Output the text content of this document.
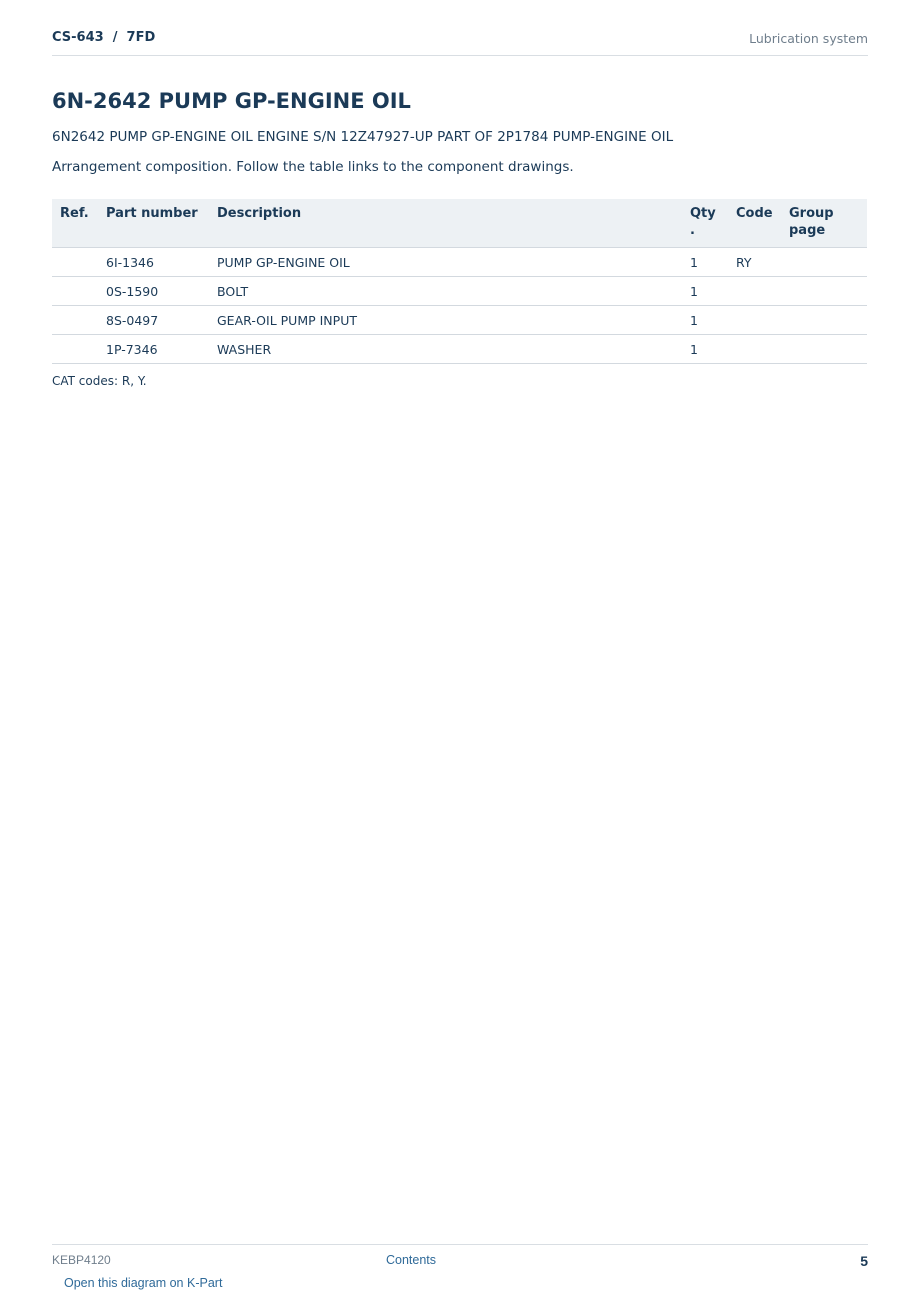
CS-643  /  7FD	Lubrication system
6N-2642 PUMP GP-ENGINE OIL
6N2642 PUMP GP-ENGINE OIL ENGINE S/N 12Z47927-UP PART OF 2P1784 PUMP-ENGINE OIL
Arrangement composition. Follow the table links to the component drawings.
Ref.	Part number	Description	Qty .	Code	Group page
	6I-1346	PUMP GP-ENGINE OIL	1	RY	
	0S-1590	BOLT	1		
	8S-0497	GEAR-OIL PUMP INPUT	1		
	1P-7346	WASHER	1		
CAT codes: R, Y.
KEBP4120	Contents	5
Open this diagram on K-Part
